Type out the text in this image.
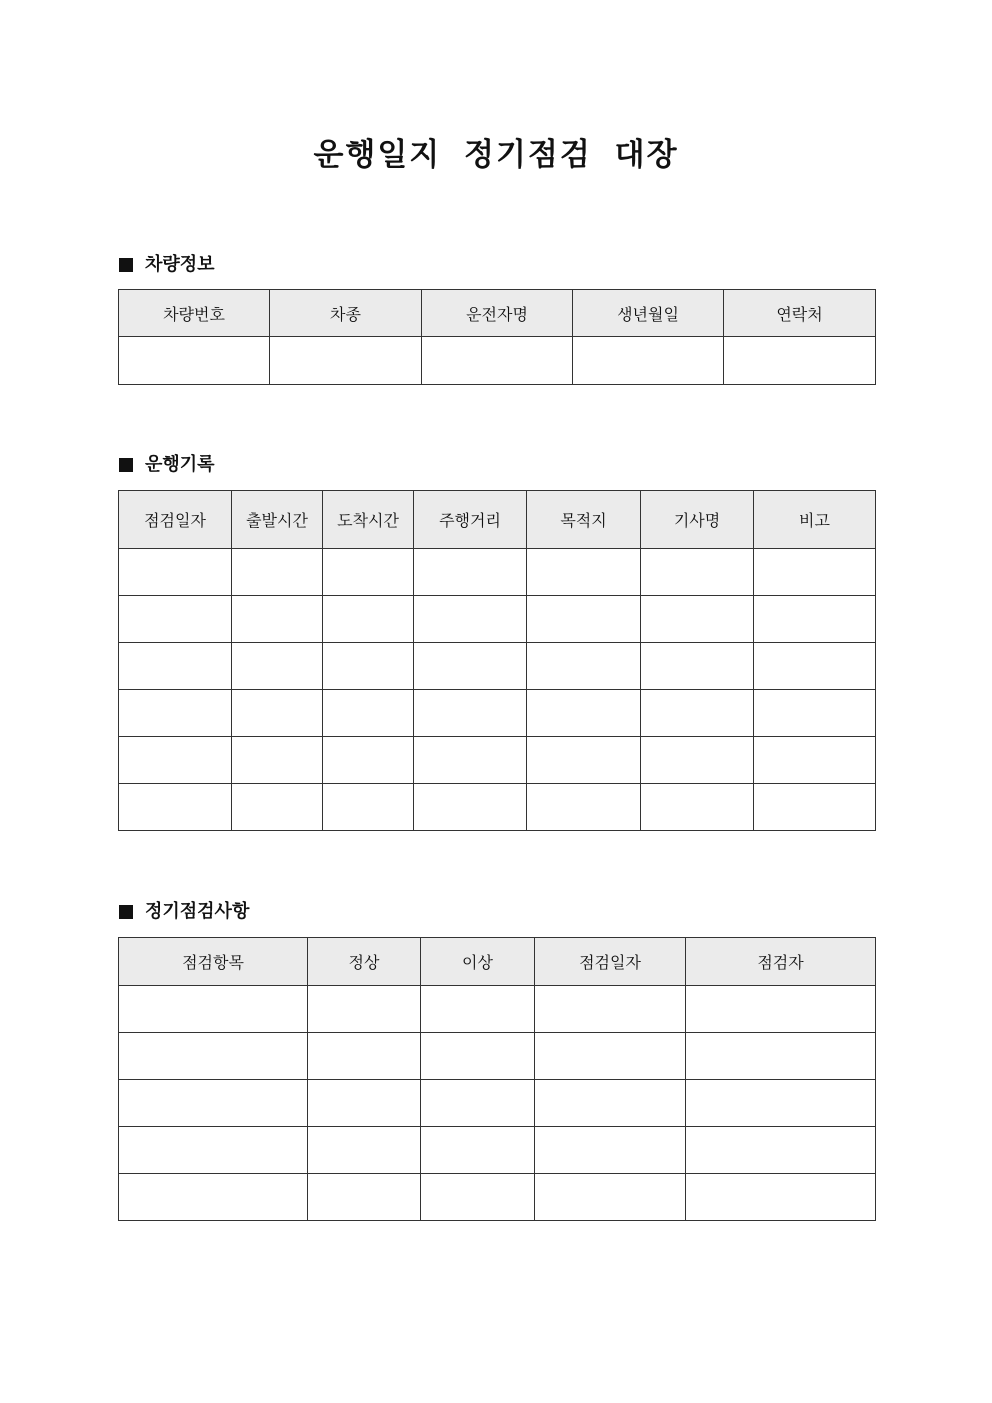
운행일지 정기점검 대장
차량정보
차량번호	차종	운전자명	생년월일	연락처

운행기록
점검일자	출발시간	도착시간	주행거리	목적지	기사명	비고

정기점검사항
점검항목	정상	이상	점검일자	점검자
